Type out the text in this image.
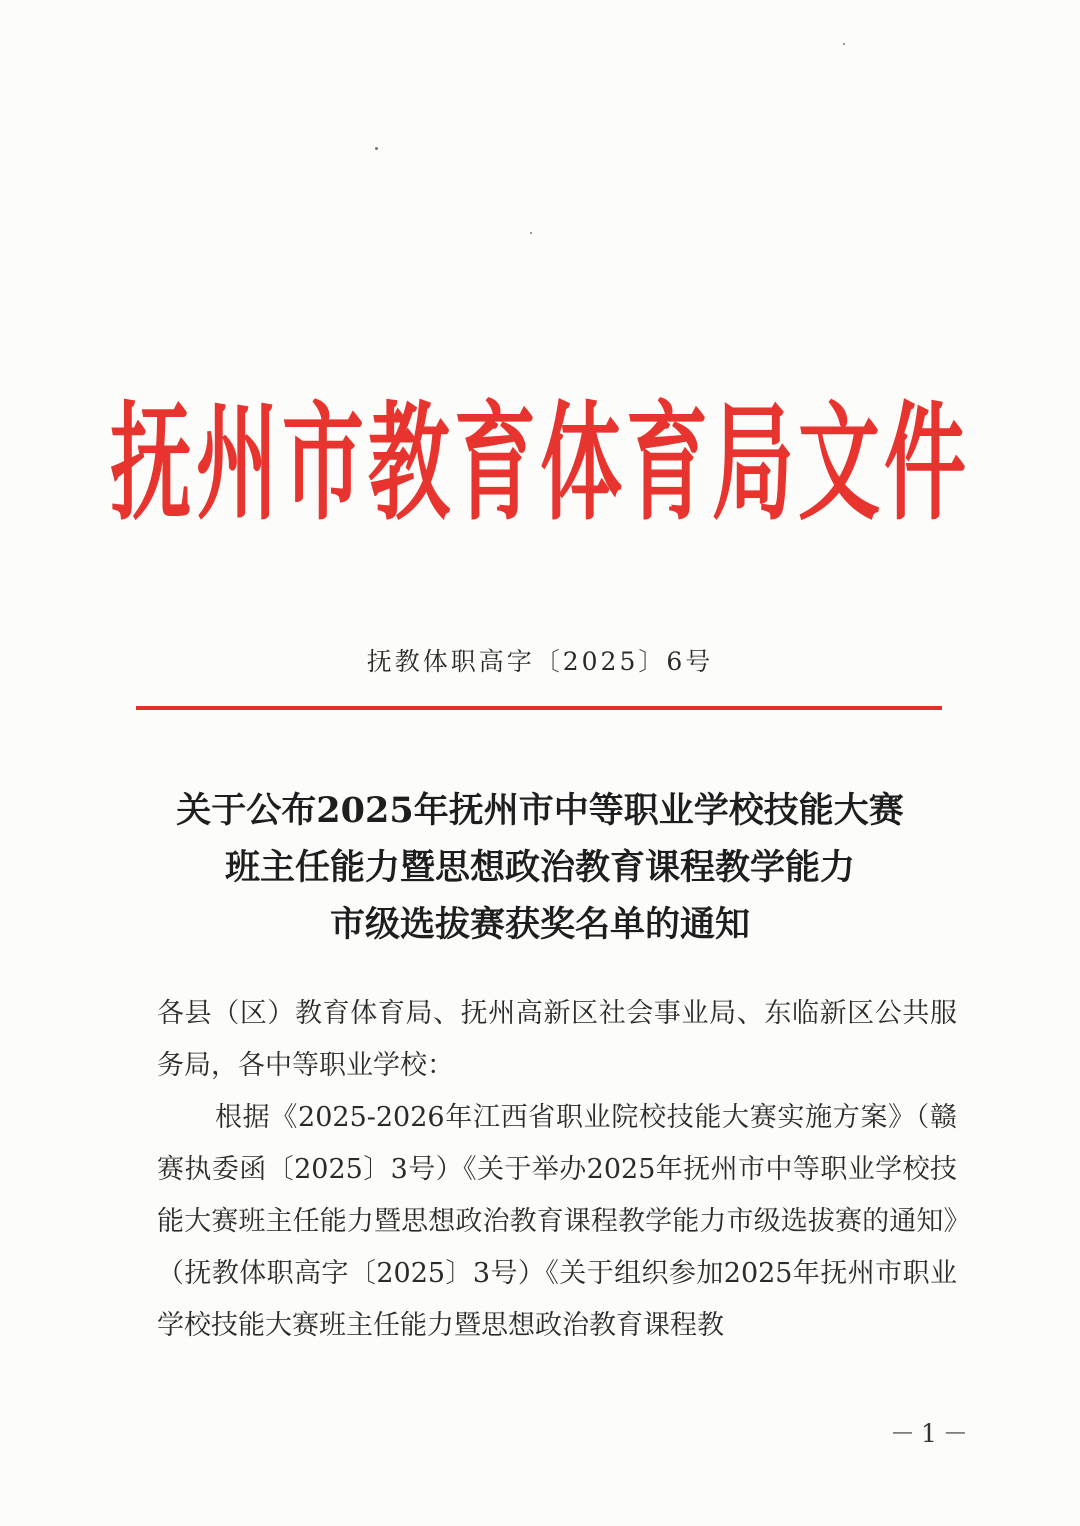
抚州市教育体育局文件
抚教体职高字〔2025〕6号
关于公布2025年抚州市中等职业学校技能大赛
班主任能力暨思想政治教育课程教学能力
市级选拔赛获奖名单的通知

各县（区）教育体育局、抚州高新区社会事业局、东临新区公共服务局，各中等职业学校：

根据《2025-2026年江西省职业院校技能大赛实施方案》（赣赛执委函〔2025〕3号）《关于举办2025年抚州市中等职业学校技能大赛班主任能力暨思想政治教育课程教学能力市级选拔赛的通知》（抚教体职高字〔2025〕3号）《关于组织参加2025年抚州市职业学校技能大赛班主任能力暨思想政治教育课程教

－1－
